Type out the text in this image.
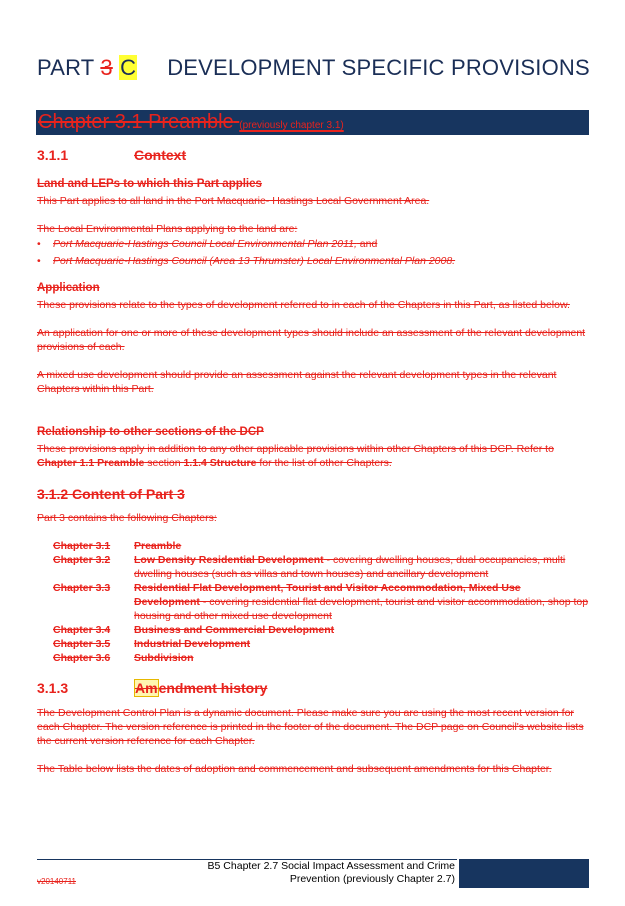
PART 3 C DEVELOPMENT SPECIFIC PROVISIONS
Chapter 3.1 Preamble (previously chapter 3.1)
3.1.1	Context
Land and LEPs to which this Part applies
This Part applies to all land in the Port Macquarie- Hastings Local Government Area.
The Local Environmental Plans applying to the land are:
• Port Macquarie-Hastings Council Local Environmental Plan 2011, and
• Port Macquarie-Hastings Council (Area 13 Thrumster) Local Environmental Plan 2008.
Application
These provisions relate to the types of development referred to in each of the Chapters in this Part, as listed below.
An application for one or more of these development types should include an assessment of the relevant development provisions of each.
A mixed use development should provide an assessment against the relevant development types in the relevant Chapters within this Part.
Relationship to other sections of the DCP
These provisions apply in addition to any other applicable provisions within other Chapters of this DCP. Refer to Chapter 1.1 Preamble section 1.1.4 Structure for the list of other Chapters.
3.1.2 Content of Part 3
Part 3 contains the following Chapters:
Chapter 3.1	Preamble
Chapter 3.2	Low Density Residential Development - covering dwelling houses, dual occupancies, multi dwelling houses (such as villas and town houses) and ancillary development
Chapter 3.3	Residential Flat Development, Tourist and Visitor Accommodation, Mixed Use Development - covering residential flat development, tourist and visitor accommodation, shop top housing and other mixed use development
Chapter 3.4	Business and Commercial Development
Chapter 3.5	Industrial Development
Chapter 3.6	Subdivision
3.1.3	Amendment history
The Development Control Plan is a dynamic document. Please make sure you are using the most recent version for each Chapter. The version reference is printed in the footer of the document. The DCP page on Council's website lists the current version reference for each Chapter.
The Table below lists the dates of adoption and commencement and subsequent amendments for this Chapter.
B5 Chapter 2.7 Social Impact Assessment and Crime
Prevention (previously Chapter 2.7)
v20140711
